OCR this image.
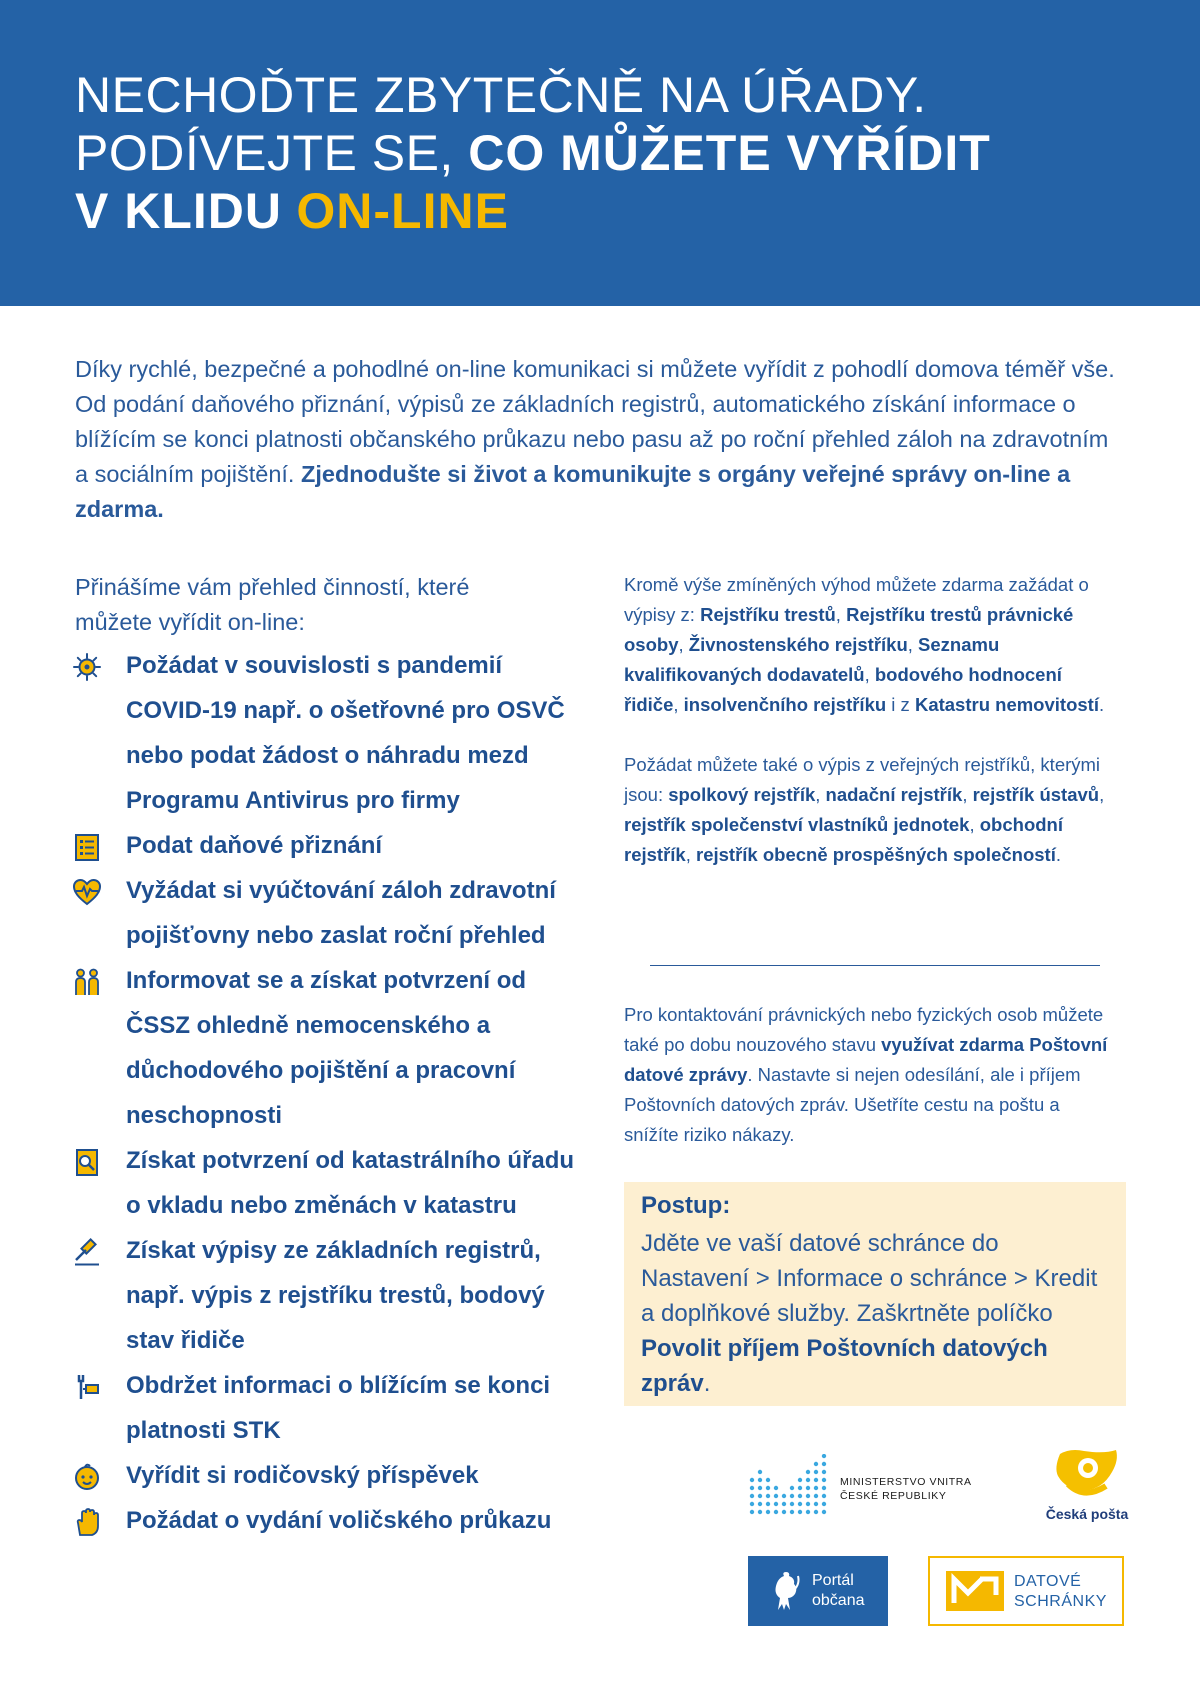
NECHOĎTE ZBYTEČNĚ NA ÚŘADY.
PODÍVEJTE SE, CO MŮŽETE VYŘÍDIT
V KLIDU ON-LINE

Díky rychlé, bezpečné a pohodlné on-line komunikaci si můžete vyřídit z pohodlí domova téměř vše. Od podání daňového přiznání, výpisů ze základních registrů, automatického získání informace o blížícím se konci platnosti občanského průkazu nebo pasu až po roční přehled záloh na zdravotním a sociálním pojištění. Zjednodušte si život a komunikujte s orgány veřejné správy on-line a zdarma.

Přinášíme vám přehled činností, které můžete vyřídit on-line:

Požádat v souvislosti s pandemií COVID-19 např. o ošetřovné pro OSVČ nebo podat žádost o náhradu mezd Programu Antivirus pro firmy
Podat daňové přiznání
Vyžádat si vyúčtování záloh zdravotní pojišťovny nebo zaslat roční přehled
Informovat se a získat potvrzení od ČSSZ ohledně nemocenského a důchodového pojištění a pracovní neschopnosti
Získat potvrzení od katastrálního úřadu o vkladu nebo změnách v katastru
Získat výpisy ze základních registrů, např. výpis z rejstříku trestů, bodový stav řidiče
Obdržet informaci o blížícím se konci platnosti STK
Vyřídit si rodičovský příspěvek
Požádat o vydání voličského průkazu

Kromě výše zmíněných výhod můžete zdarma zažádat o výpisy z: Rejstříku trestů, Rejstříku trestů právnické osoby, Živnostenského rejstříku, Seznamu kvalifikovaných dodavatelů, bodového hodnocení řidiče, insolvenčního rejstříku i z Katastru nemovitostí.

Požádat můžete také o výpis z veřejných rejstříků, kterými jsou: spolkový rejstřík, nadační rejstřík, rejstřík ústavů, rejstřík společenství vlastníků jednotek, obchodní rejstřík, rejstřík obecně prospěšných společností.

Pro kontaktování právnických nebo fyzických osob můžete také po dobu nouzového stavu využívat zdarma Poštovní datové zprávy. Nastavte si nejen odesílání, ale i příjem Poštovních datových zpráv. Ušetříte cestu na poštu a snížíte riziko nákazy.

Postup:

Jděte ve vaší datové schránce do Nastavení > Informace o schránce > Kredit a doplňkové služby. Zaškrtněte políčko Povolit příjem Poštovních datových zpráv.

MINISTERSTVO VNITRA
ČESKÉ REPUBLIKY
Česká pošta
Portál
občana
DATOVÉ
SCHRÁNKY
